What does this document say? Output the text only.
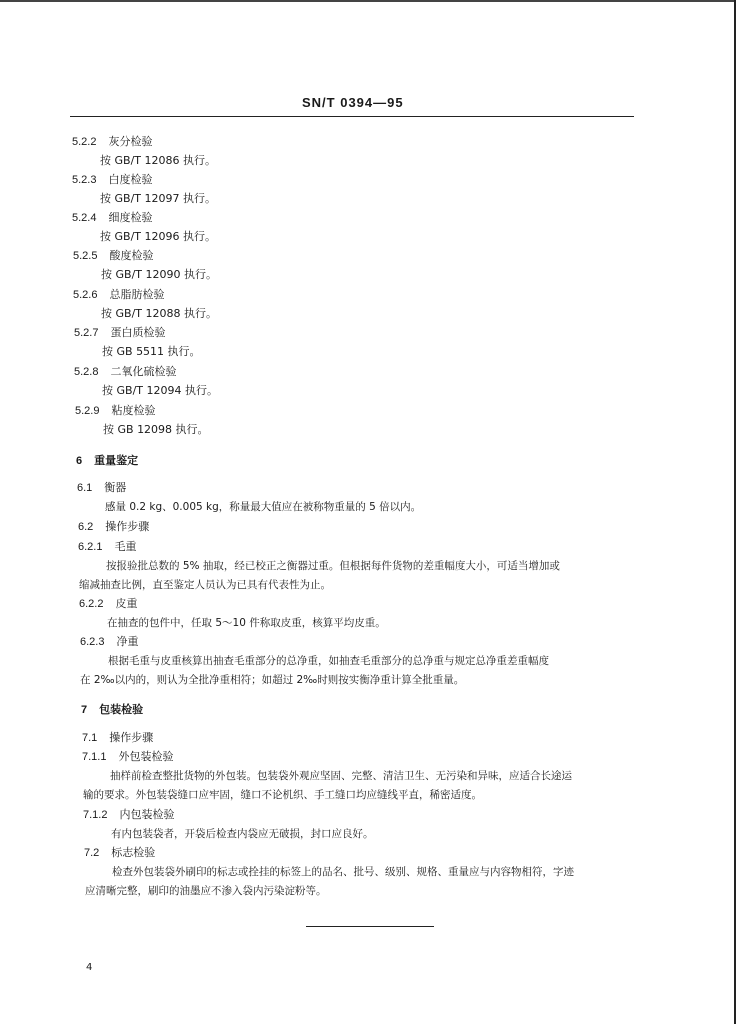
SN/T 0394—95
5.2.2 灰分检验
按 GB/T 12086 执行。
5.2.3 白度检验
按 GB/T 12097 执行。
5.2.4 细度检验
按 GB/T 12096 执行。
5.2.5 酸度检验
按 GB/T 12090 执行。
5.2.6 总脂肪检验
按 GB/T 12088 执行。
5.2.7 蛋白质检验
按 GB 5511 执行。
5.2.8 二氧化硫检验
按 GB/T 12094 执行。
5.2.9 粘度检验
按 GB 12098 执行。
6 重量鉴定
6.1 衡器
感量 0.2 kg、0.005 kg，称量最大值应在被称物重量的 5 倍以内。
6.2 操作步骤
6.2.1 毛重
按报验批总数的 5% 抽取，经已校正之衡器过重。但根据每件货物的差重幅度大小，可适当增加或
缩减抽查比例，直至鉴定人员认为已具有代表性为止。
6.2.2 皮重
在抽查的包件中，任取 5～10 件称取皮重，核算平均皮重。
6.2.3 净重
根据毛重与皮重核算出抽查毛重部分的总净重，如抽查毛重部分的总净重与规定总净重差重幅度
在 2‰以内的，则认为全批净重相符；如超过 2‰时则按实衡净重计算全批重量。
7 包装检验
7.1 操作步骤
7.1.1 外包装检验
抽样前检查整批货物的外包装。包装袋外观应坚固、完整、清洁卫生、无污染和异味，应适合长途运
输的要求。外包装袋缝口应牢固，缝口不论机织、手工缝口均应缝线平直，稀密适度。
7.1.2 内包装检验
有内包装袋者，开袋后检查内袋应无破损，封口应良好。
7.2 标志检验
检查外包装袋外刷印的标志或拴挂的标签上的品名、批号、级别、规格、重量应与内容物相符，字迹
应清晰完整，刷印的油墨应不渗入袋内污染淀粉等。
4
